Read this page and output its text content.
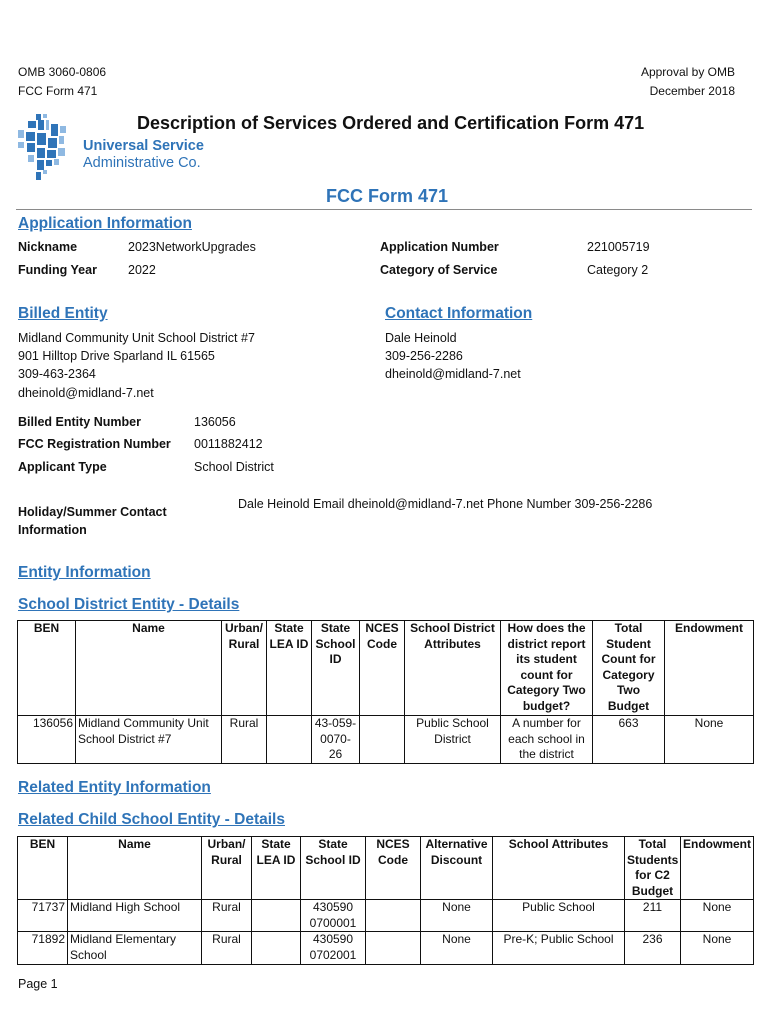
OMB 3060-0806
FCC Form 471
Approval by OMB
December 2018
Description of Services Ordered and Certification Form 471
Universal Service
Administrative Co.
FCC Form 471
Application Information
Nickname	2023NetworkUpgrades
Funding Year 2022
Application Number	221005719
Category of Service	Category 2
Billed Entity
Midland Community Unit School District #7
901 Hilltop Drive Sparland IL 61565
309-463-2364
dheinold@midland-7.net
Contact Information
Dale Heinold
309-256-2286
dheinold@midland-7.net
Billed Entity Number	136056
FCC Registration Number 0011882412
Applicant Type	School District
Holiday/Summer Contact
Information
Dale Heinold Email dheinold@midland-7.net Phone Number 309-256-2286
Entity Information
School District Entity - Details
BEN	Name	Urban/ Rural	State LEA ID	State School ID	NCES Code	School District Attributes	How does the district report its student count for Category Two budget?	Total Student Count for Category Two Budget	Endowment
136056	Midland Community Unit School District #7	Rural		43-059-0070-26		Public School District	A number for each school in the district	663	None
Related Entity Information
Related Child School Entity - Details
BEN	Name	Urban/ Rural	State LEA ID	State School ID	NCES Code	Alternative Discount	School Attributes	Total Students for C2 Budget	Endowment
71737	Midland High School	Rural		430590 0700001		None	Public School	211	None
71892	Midland Elementary School	Rural		430590 0702001		None	Pre-K; Public School	236	None
Page 1
